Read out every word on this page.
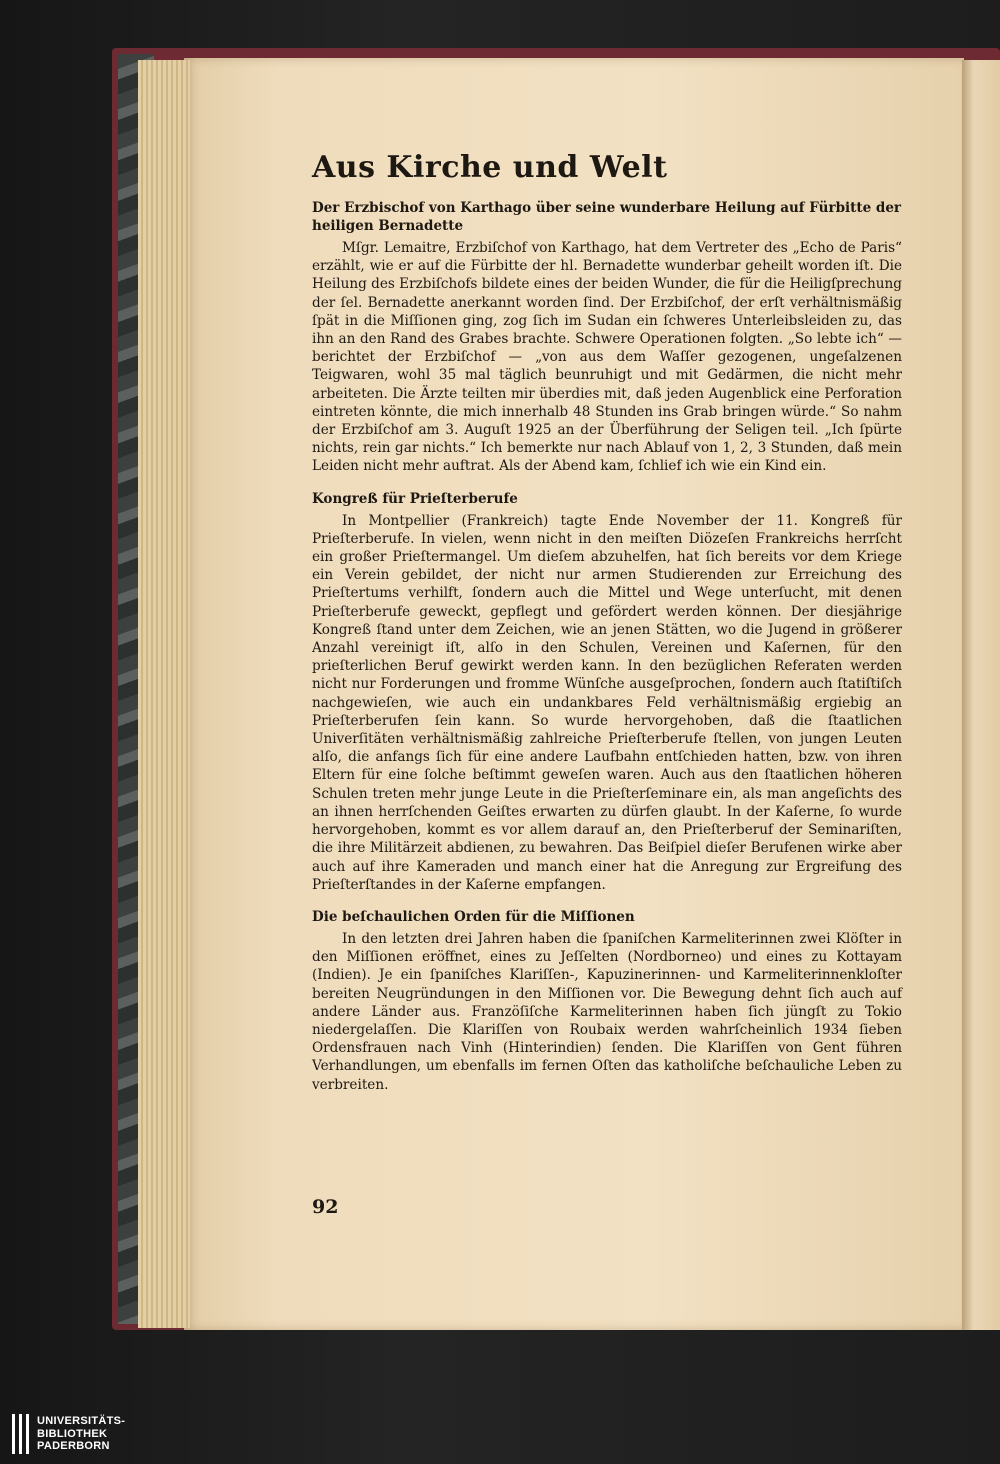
Aus Kirche und Welt
Der Erzbischof von Karthago über seine wunderbare Heilung auf Fürbitte der heiligen Bernadette

Mſgr. Lemaitre, Erzbiſchof von Karthago, hat dem Vertreter des „Echo de Paris“ erzählt, wie er auf die Fürbitte der hl. Bernadette wunderbar geheilt worden iſt. Die Heilung des Erzbiſchofs bildete eines der beiden Wunder, die für die Heiligſprechung der ſel. Bernadette anerkannt worden ſind. Der Erzbiſchof, der erſt verhältnismäßig ſpät in die Miſſionen ging, zog ſich im Sudan ein ſchweres Unterleibsleiden zu, das ihn an den Rand des Grabes brachte. Schwere Operationen folgten. „So lebte ich“ — berichtet der Erzbiſchof — „von aus dem Waſſer gezogenen, ungeſalzenen Teigwaren, wohl 35 mal täglich beunruhigt und mit Gedärmen, die nicht mehr arbeiteten. Die Ärzte teilten mir überdies mit, daß jeden Augenblick eine Perforation eintreten könnte, die mich innerhalb 48 Stunden ins Grab bringen würde.“ So nahm der Erzbiſchof am 3. Auguſt 1925 an der Überführung der Seligen teil. „Ich ſpürte nichts, rein gar nichts.“ Ich bemerkte nur nach Ablauf von 1, 2, 3 Stunden, daß mein Leiden nicht mehr auftrat. Als der Abend kam, ſchlief ich wie ein Kind ein.

Kongreß für Prieſterberufe

In Montpellier (Frankreich) tagte Ende November der 11. Kongreß für Prieſterberufe. In vielen, wenn nicht in den meiſten Diözeſen Frankreichs herrſcht ein großer Prieſtermangel. Um dieſem abzuhelfen, hat ſich bereits vor dem Kriege ein Verein gebildet, der nicht nur armen Studierenden zur Erreichung des Prieſtertums verhilft, ſondern auch die Mittel und Wege unterſucht, mit denen Prieſterberufe geweckt, gepflegt und gefördert werden können. Der diesjährige Kongreß ſtand unter dem Zeichen, wie an jenen Stätten, wo die Jugend in größerer Anzahl vereinigt iſt, alſo in den Schulen, Vereinen und Kaſernen, für den prieſterlichen Beruf gewirkt werden kann. In den bezüglichen Referaten werden nicht nur Forderungen und fromme Wünſche ausgeſprochen, ſondern auch ſtatiſtiſch nachgewieſen, wie auch ein undankbares Feld verhältnismäßig ergiebig an Prieſterberufen ſein kann. So wurde hervorgehoben, daß die ſtaatlichen Univerſitäten verhältnismäßig zahlreiche Prieſterberufe ſtellen, von jungen Leuten alſo, die anfangs ſich für eine andere Laufbahn entſchieden hatten, bzw. von ihren Eltern für eine ſolche beſtimmt geweſen waren. Auch aus den ſtaatlichen höheren Schulen treten mehr junge Leute in die Prieſterſeminare ein, als man angeſichts des an ihnen herrſchenden Geiſtes erwarten zu dürfen glaubt. In der Kaſerne, ſo wurde hervorgehoben, kommt es vor allem darauf an, den Prieſterberuf der Seminariſten, die ihre Militärzeit abdienen, zu bewahren. Das Beiſpiel dieſer Berufenen wirke aber auch auf ihre Kameraden und manch einer hat die Anregung zur Ergreifung des Prieſterſtandes in der Kaſerne empfangen.

Die beſchaulichen Orden für die Miſſionen

In den letzten drei Jahren haben die ſpaniſchen Karmeliterinnen zwei Klöſter in den Miſſionen eröffnet, eines zu Jeſſelten (Nordborneo) und eines zu Kottayam (Indien). Je ein ſpaniſches Klariſſen-, Kapuzinerinnen- und Karmeliterinnenkloſter bereiten Neugründungen in den Miſſionen vor. Die Bewegung dehnt ſich auch auf andere Länder aus. Franzöſiſche Karmeliterinnen haben ſich jüngſt zu Tokio niedergelaſſen. Die Klariſſen von Roubaix werden wahrſcheinlich 1934 ſieben Ordensfrauen nach Vinh (Hinterindien) ſenden. Die Klariſſen von Gent führen Verhandlungen, um ebenfalls im fernen Oſten das katholiſche beſchauliche Leben zu verbreiten.

92
UNIVERSITÄTS-
BIBLIOTHEK
PADERBORN
